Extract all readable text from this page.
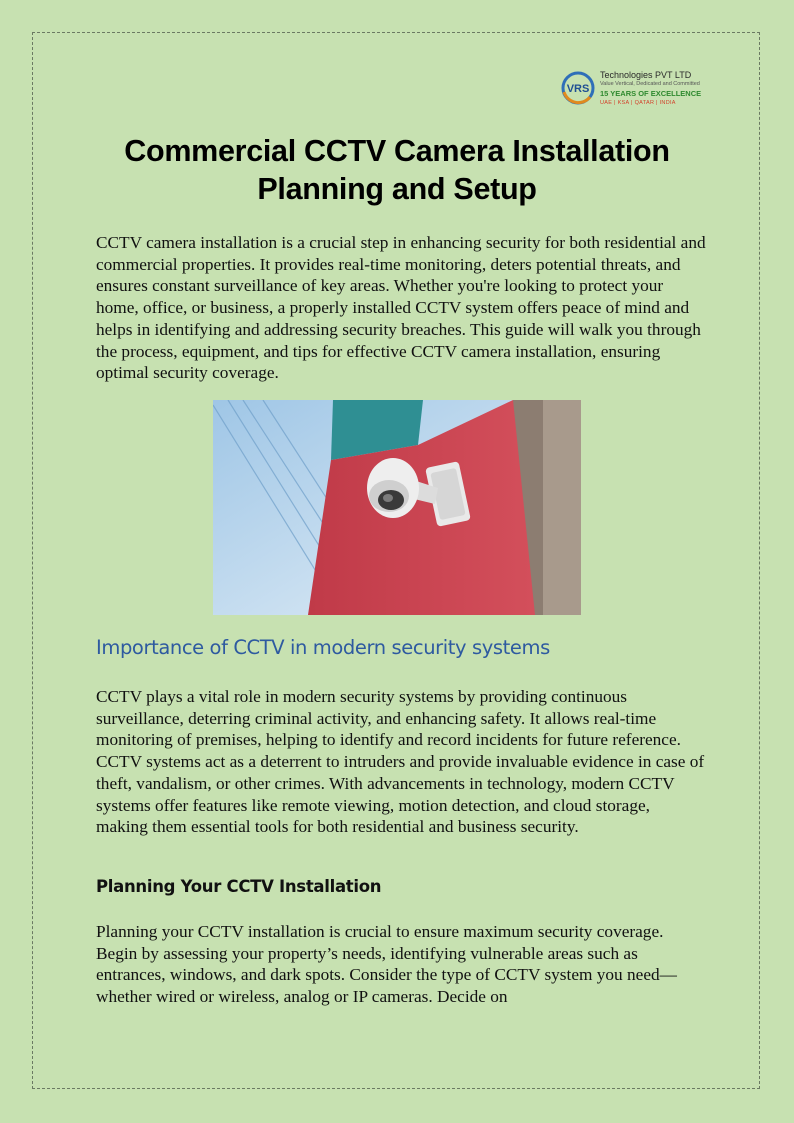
VRS
Technologies PVT LTD
Value Vertical, Dedicated and Committed
15 YEARS OF EXCELLENCE
UAE | KSA | QATAR | INDIA
Commercial CCTV Camera Installation Planning and Setup

CCTV camera installation is a crucial step in enhancing security for both residential and commercial properties. It provides real-time monitoring, deters potential threats, and ensures constant surveillance of key areas. Whether you're looking to protect your home, office, or business, a properly installed CCTV system offers peace of mind and helps in identifying and addressing security breaches. This guide will walk you through the process, equipment, and tips for effective CCTV camera installation, ensuring optimal security coverage.

Importance of CCTV in modern security systems

CCTV plays a vital role in modern security systems by providing continuous surveillance, deterring criminal activity, and enhancing safety. It allows real-time monitoring of premises, helping to identify and record incidents for future reference. CCTV systems act as a deterrent to intruders and provide invaluable evidence in case of theft, vandalism, or other crimes. With advancements in technology, modern CCTV systems offer features like remote viewing, motion detection, and cloud storage, making them essential tools for both residential and business security.

Planning Your CCTV Installation

Planning your CCTV installation is crucial to ensure maximum security coverage. Begin by assessing your property’s needs, identifying vulnerable areas such as entrances, windows, and dark spots. Consider the type of CCTV system you need—whether wired or wireless, analog or IP cameras. Decide on
